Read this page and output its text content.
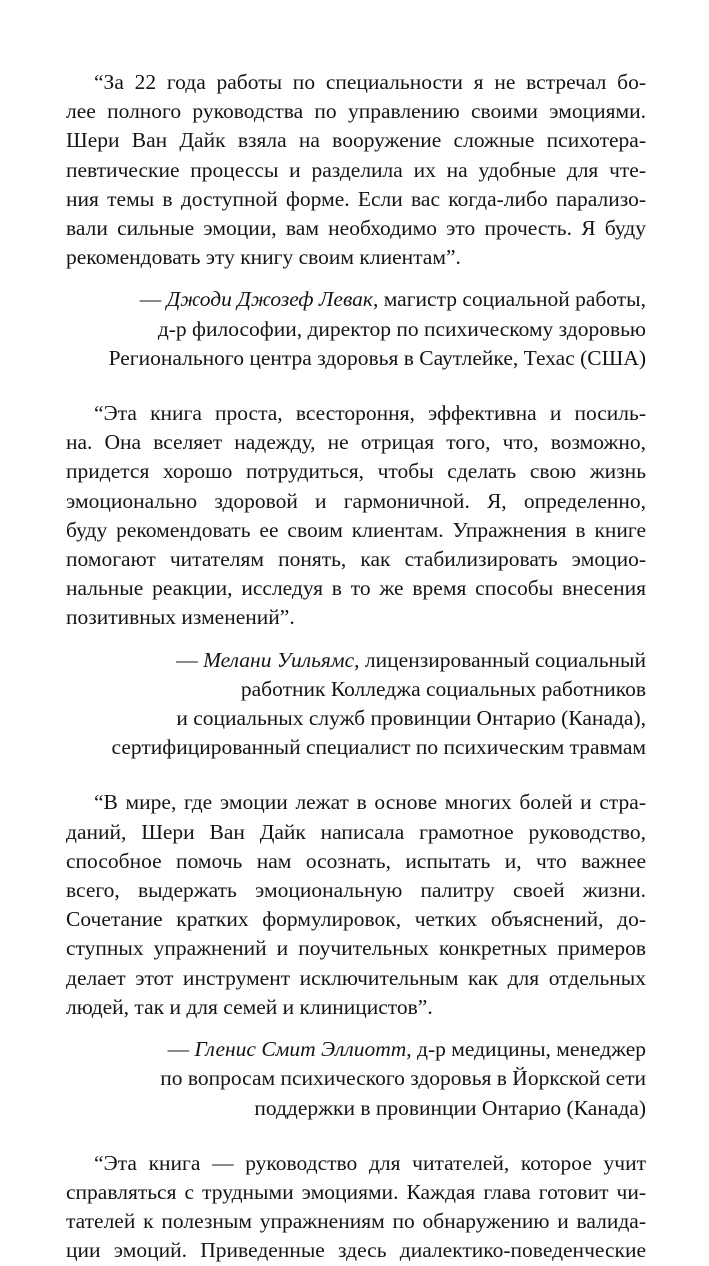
“За 22 года работы по специальности я не встречал бо-
лее полного руководства по управлению своими эмоциями.
Шери Ван Дайк взяла на вооружение сложные психотера-
певтические процессы и разделила их на удобные для чте-
ния темы в доступной форме. Если вас когда-либо парализо-
вали сильные эмоции, вам необходимо это прочесть. Я буду
рекомендовать эту книгу своим клиентам”.
— Джоди Джозеф Левак, магистр социальной работы,
д-р философии, директор по психическому здоровью
Регионального центра здоровья в Саутлейке, Техас (США)
“Эта книга проста, всестороння, эффективна и посиль-
на. Она вселяет надежду, не отрицая того, что, возможно,
придется хорошо потрудиться, чтобы сделать свою жизнь
эмоционально здоровой и гармоничной. Я, определенно,
буду рекомендовать ее своим клиентам. Упражнения в книге
помогают читателям понять, как стабилизировать эмоцио-
нальные реакции, исследуя в то же время способы внесения
позитивных изменений”.
— Мелани Уильямс, лицензированный социальный
работник Колледжа социальных работников
и социальных служб провинции Онтарио (Канада),
сертифицированный специалист по психическим травмам
“В мире, где эмоции лежат в основе многих болей и стра-
даний, Шери Ван Дайк написала грамотное руководство,
способное помочь нам осознать, испытать и, что важнее
всего, выдержать эмоциональную палитру своей жизни.
Сочетание кратких формулировок, четких объяснений, до-
ступных упражнений и поучительных конкретных примеров
делает этот инструмент исключительным как для отдельных
людей, так и для семей и клиницистов”.
— Гленис Смит Эллиотт, д-р медицины, менеджер
по вопросам психического здоровья в Йоркской сети
поддержки в провинции Онтарио (Канада)
“Эта книга — руководство для читателей, которое учит
справляться с трудными эмоциями. Каждая глава готовит чи-
тателей к полезным упражнениям по обнаружению и валида-
ции эмоций. Приведенные здесь диалектико-поведенческие
